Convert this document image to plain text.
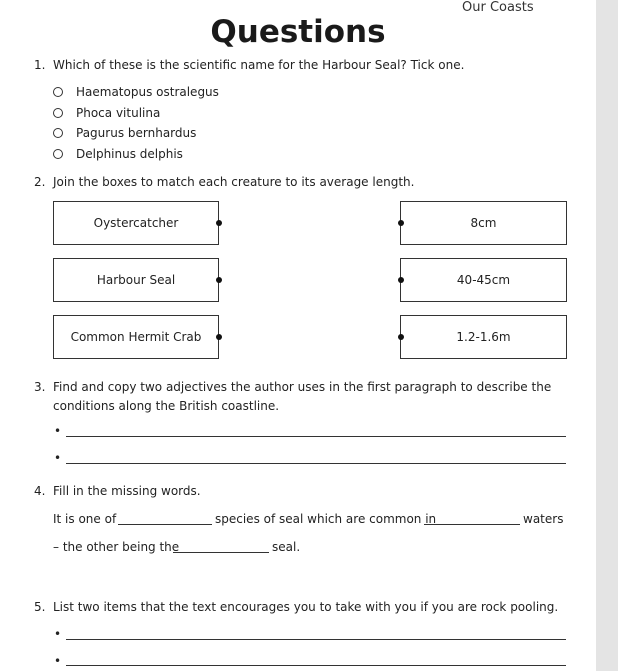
Our Coasts
Questions
1. Which of these is the scientific name for the Harbour Seal? Tick one.
Haematopus ostralegus
Phoca vitulina
Pagurus bernhardus
Delphinus delphis
2. Join the boxes to match each creature to its average length.
Oystercatcher	8cm
Harbour Seal	40-45cm
Common Hermit Crab	1.2-1.6m
3. Find and copy two adjectives the author uses in the first paragraph to describe the
conditions along the British coastline.
•
•
4. Fill in the missing words.
It is one of	species of seal which are common in	waters
– the other being the	seal.
5. List two items that the text encourages you to take with you if you are rock pooling.
•
•
